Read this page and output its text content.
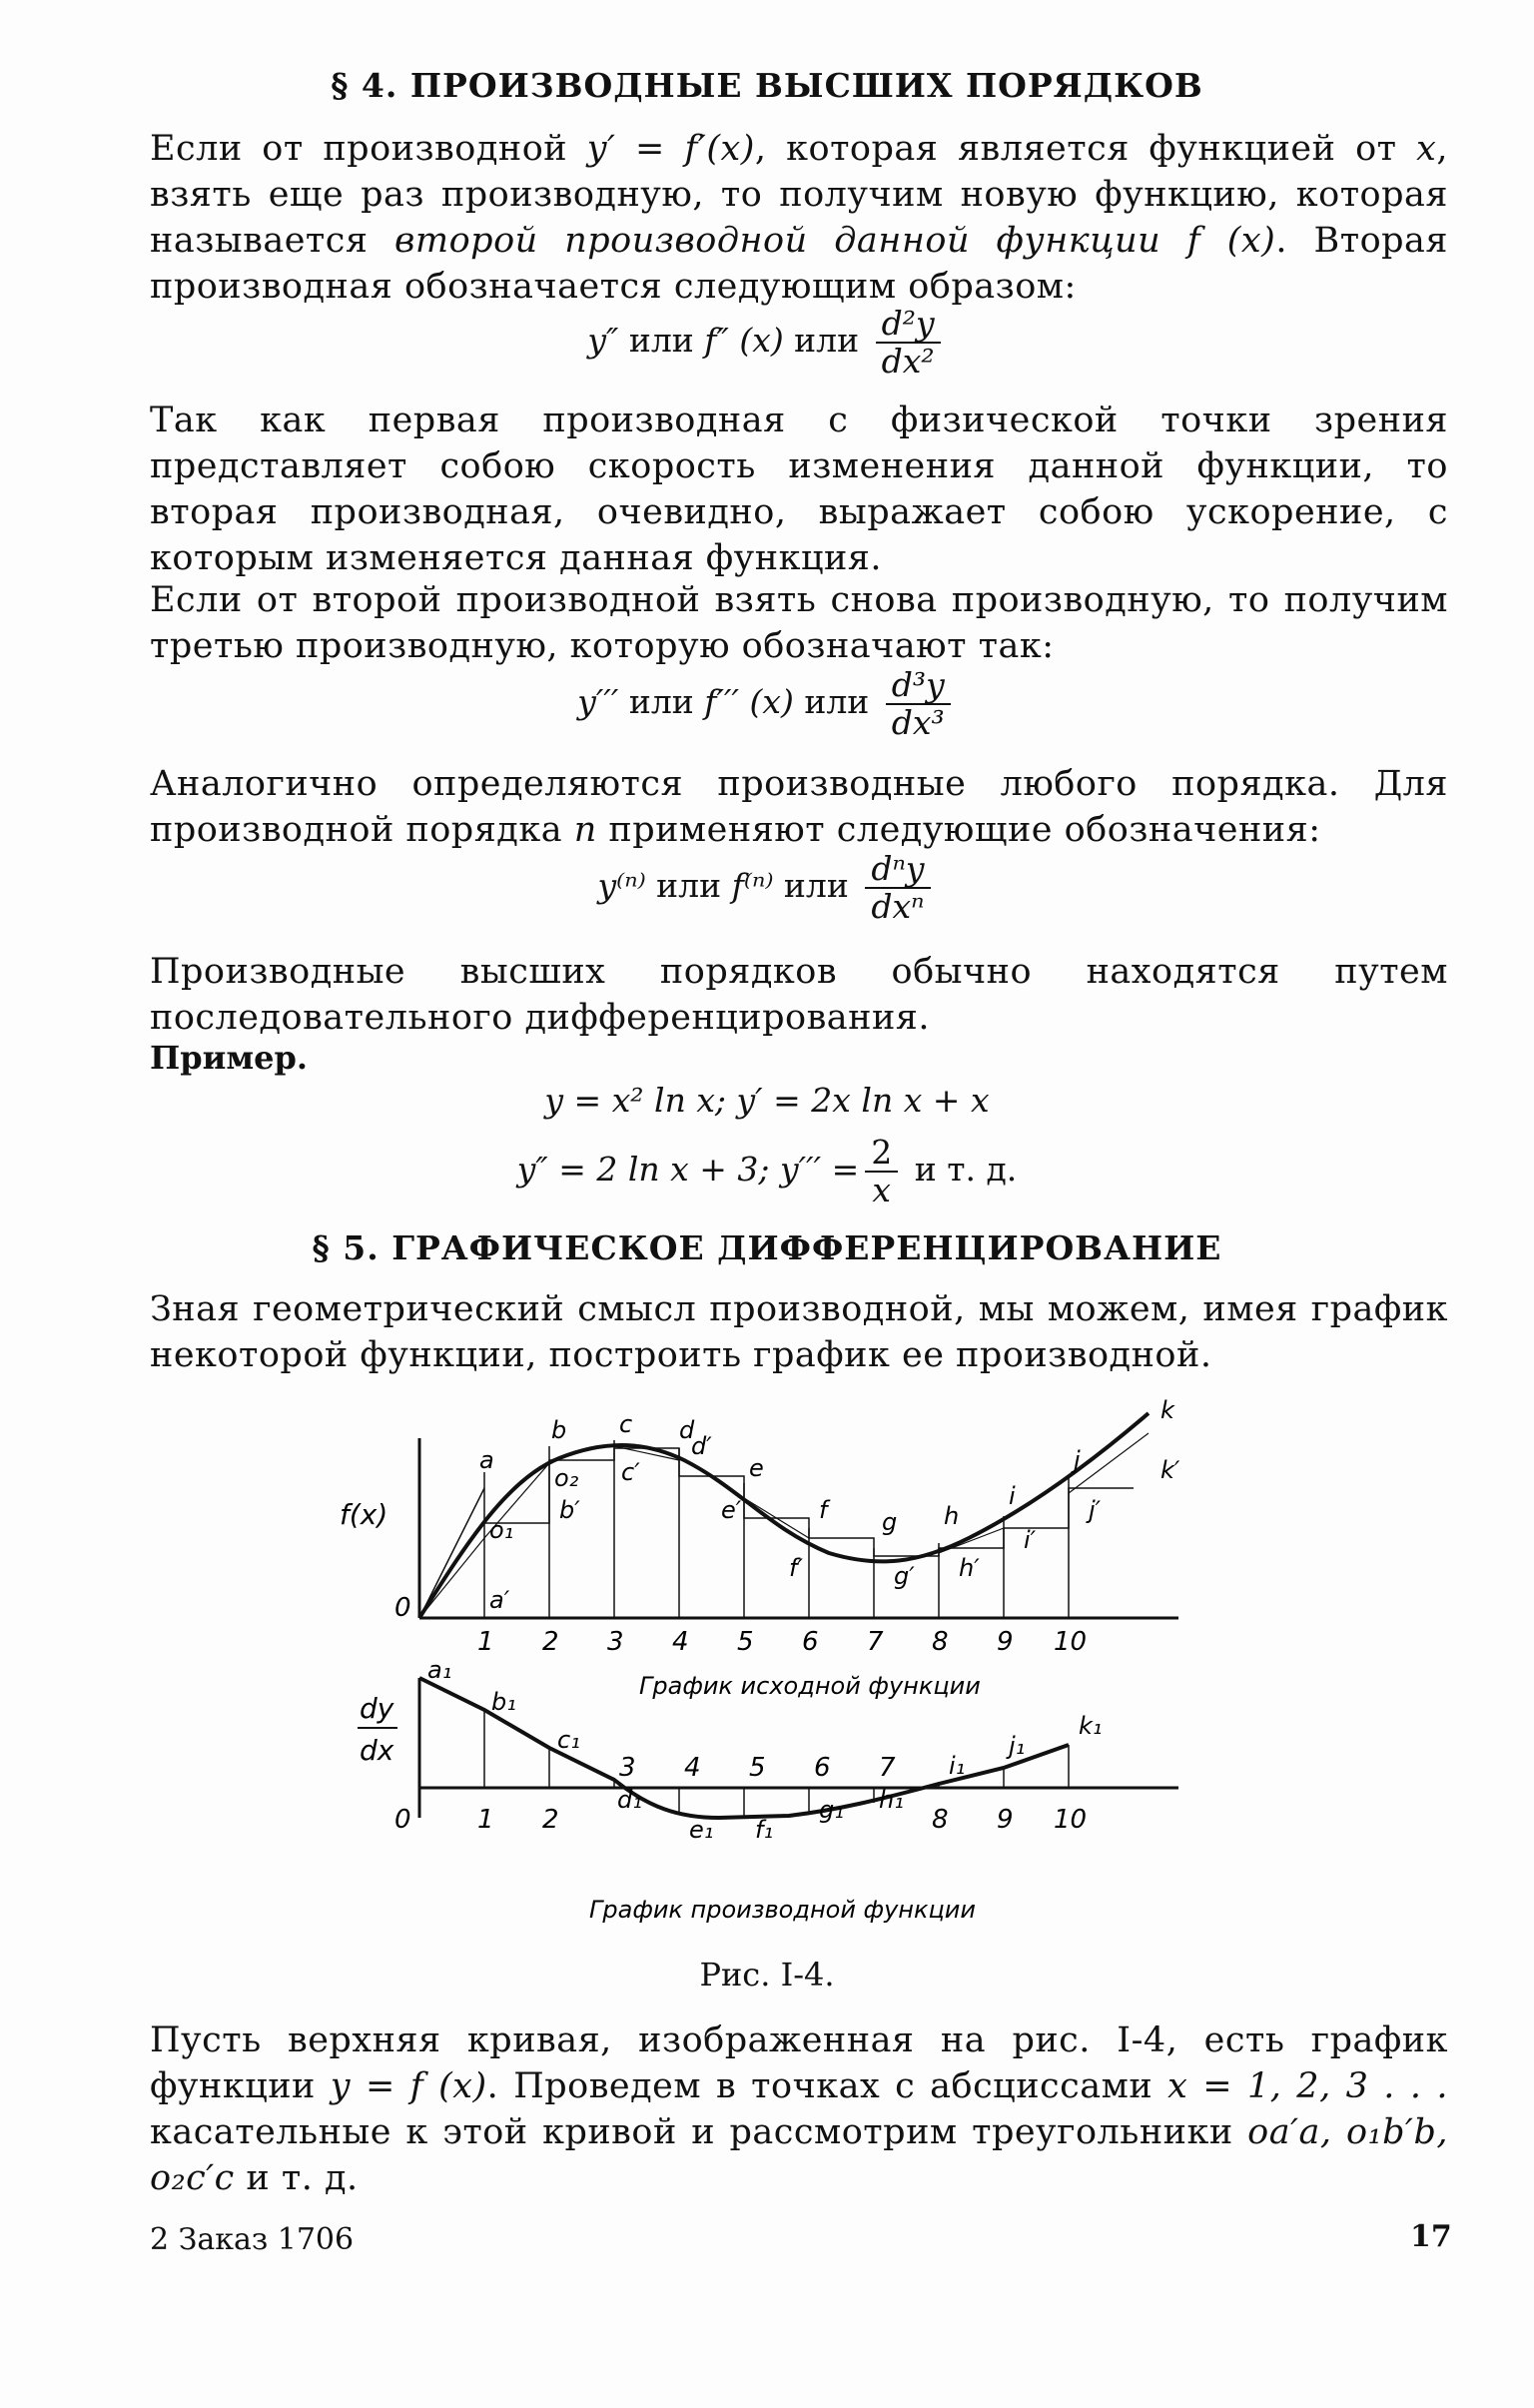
§ 4. ПРОИЗВОДНЫЕ ВЫСШИХ ПОРЯДКОВ
Если от производной y′ = f′(x), которая является функцией от x, взять еще раз производную, то получим новую функцию, которая называется второй производной данной функции f (x). Вторая производная обозначается следующим образом:
y″ или f″ (x) или $\frac{\text{d²y}}{\text{dx²}}$
Так как первая производная с физической точки зрения представляет собою скорость изменения данной функции, то вторая производная, очевидно, выражает собою ускорение, с которым изменяется данная функция.
Если от второй производной взять снова производную, то получим третью производную, которую обозначают так:
y′′′ или f′′′ (x) или $\frac{\text{d³y}}{\text{dx³}}$
Аналогично определяются производные любого порядка. Для производной порядка n применяют следующие обозначения:
y⁽ⁿ⁾ или f⁽ⁿ⁾ или $\frac{\text{dⁿy}}{\text{dxⁿ}}$
Производные высших порядков обычно находятся путем последовательного дифференцирования.
Пример.
y = x² ln x; y′ = 2x ln x + x
y″ = 2 ln x + 3; $y''' = \frac{2}{x}$ и т. д.
§ 5. ГРАФИЧЕСКОЕ ДИФФЕРЕНЦИРОВАНИЕ
Зная геометрический смысл производной, мы можем, имея график некоторой функции, построить график ее производной.
f(x)
0
1 2 3 4 5 6 7 8 9 10
a
b c d
e
f g h
i
j
k
a′
b′
c′
d′
e′
f′	g′ h′
i′
j′
k′
o₁
o₂
График исходной функции
dy
dx
0	1 2
3 4 5 6 7
8 9 10
a₁
b₁
c₁
d₁
e₁ f₁
g₁ h₁
i₁
j₁
k₁
График производной функции
Рис. I-4.
Пусть верхняя кривая, изображенная на рис. I-4, есть график функции y = f (x). Проведем в точках с абсциссами x = 1, 2, 3 . . . касательные к этой кривой и рассмотрим треугольники oa′a, o₁b′b, o₂c′c и т. д.
2 Заказ 1706	17
